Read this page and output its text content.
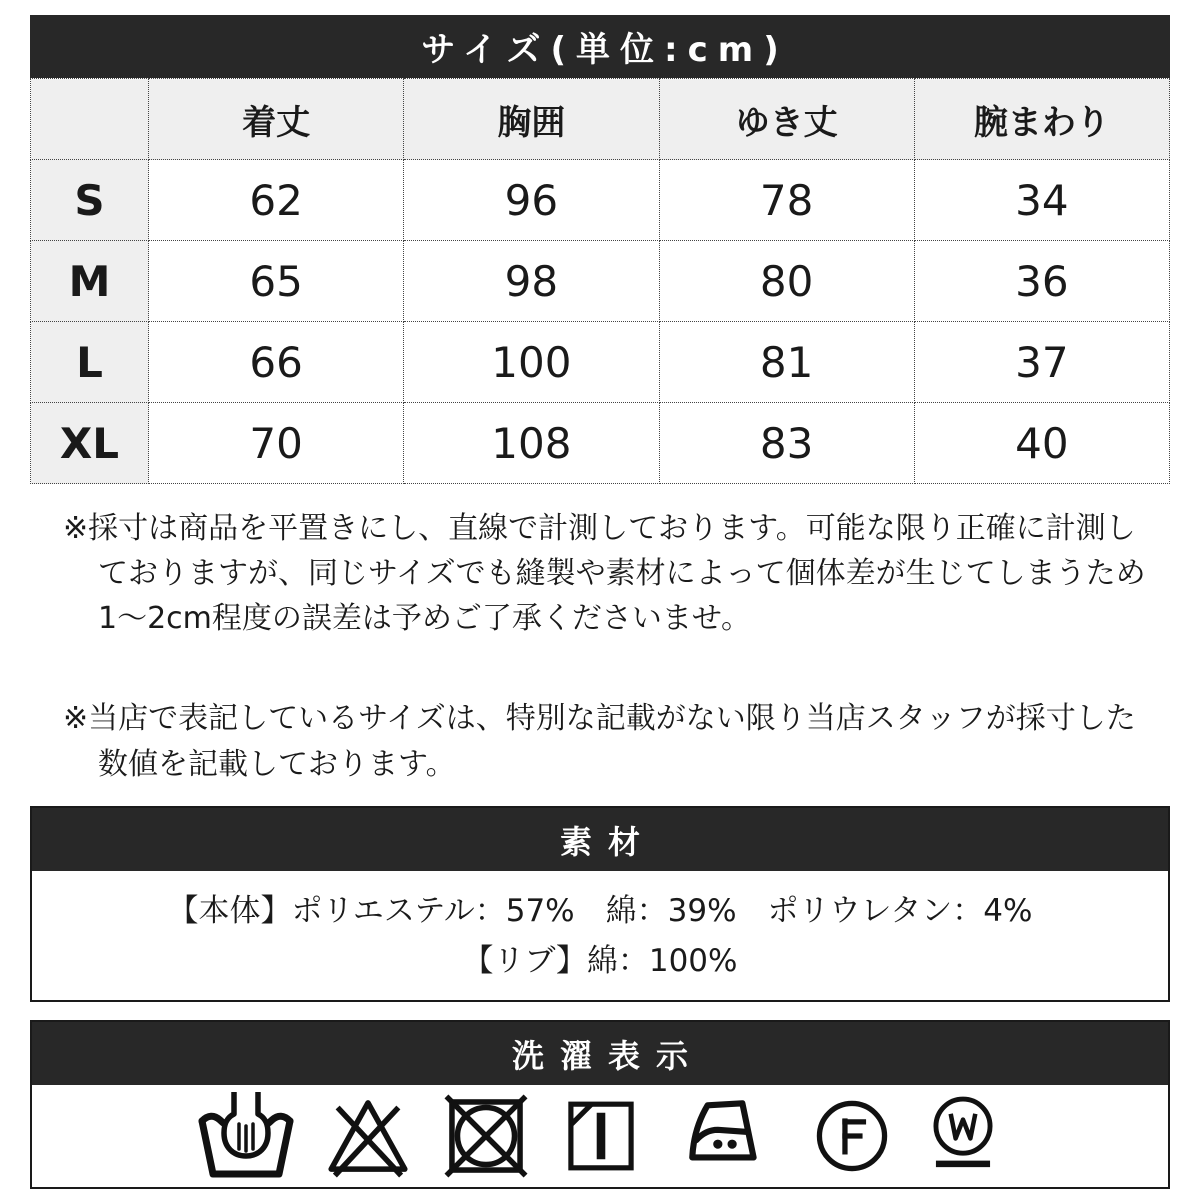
サイズ(単位:cm)
	着丈	胸囲	ゆき丈	腕まわり
S	62	96	78	34
M	65	98	80	36
L	66	100	81	37
XL	70	108	83	40
※採寸は商品を平置きにし、直線で計測しております。可能な限り正確に計測し
ておりますが、同じサイズでも縫製や素材によって個体差が生じてしまうため
1〜2cm程度の誤差は予めご了承くださいませ。
※当店で表記しているサイズは、特別な記載がない限り当店スタッフが採寸した
数値を記載しております。
素材
【本体】ポリエステル：57%　綿：39%　ポリウレタン：4%
【リブ】綿：100%
洗濯表示
